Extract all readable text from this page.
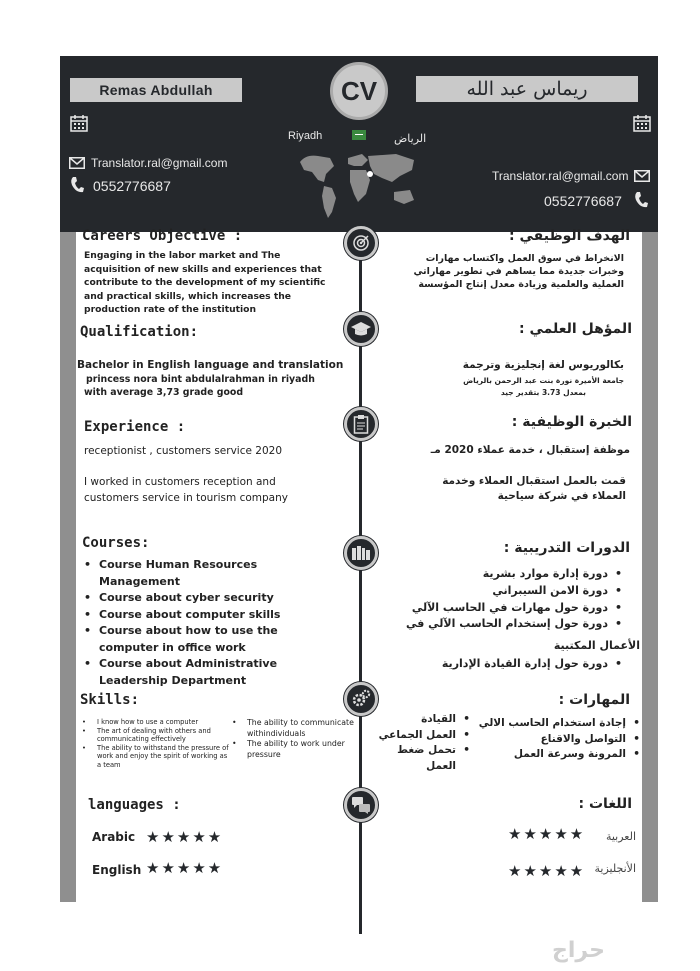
Remas Abdullah	CV	ريماس عبد الله
Riyadh	الرياض
Translator.ral@gmail.com
0552776687
Translator.ral@gmail.com
0552776687
Careers Objective :
Engaging in the labor market and The acquisition of new skills and experiences that contribute to the development of my scientific and practical skills, which increases the production rate of the institution
الهدف الوظيفي :
الانخراط في سوق العمل واكتساب مهارات وخبرات جديدة مما يساهم في تطوير مهاراتي العملية والعلمية وزيادة معدل إنتاج المؤسسة
Qualification:	المؤهل العلمي :
Bachelor in English language and translation
princess nora bint abdulalrahman in riyadh
with average 3,73 grade good
بكالوريوس لغة إنجليزية وترجمة
جامعة الأميرة نورة بنت عبد الرحمن بالرياض
بمعدل 3.73 بتقدير جيد
Experience :	الخبرة الوظيفية :
receptionist , customers service 2020	موظفة إستقبال ، خدمة عملاء 2020 مـ
I worked in customers reception and customers service in tourism company
قمت بالعمل استقبال العملاء وخدمة العملاء في شركة سياحية
Courses:	الدورات التدريبية :
• Course Human Resources Management
• Course about cyber security
• Course about computer skills
• Course about how to use the computer in office work
• Course about Administrative Leadership Department
• دورة إدارة موارد بشرية
• دورة الامن السيبراني
• دورة حول مهارات في الحاسب الآلي
• دورة حول إستخدام الحاسب الآلي في
الأعمال المكتبية
• دورة حول إدارة القيادة الإدارية
Skills:	المهارات :
• I know how to use a computer
• The art of dealing with others and communicating effectively
• The ability to withstand the pressure of work and enjoy the spirit of working as a team
• The ability to communicate withindividuals
• The ability to work under pressure
• إجادة استخدام الحاسب الالي
• التواصل والاقناع
• المرونة وسرعة العمل
• القيادة
• العمل الجماعي
• تحمل ضغط العمل
languages :	اللغات :
Arabic ★★★★★	★★★★★	العربية
English ★★★★★	★★★★★ الأنجليزية
حراج
